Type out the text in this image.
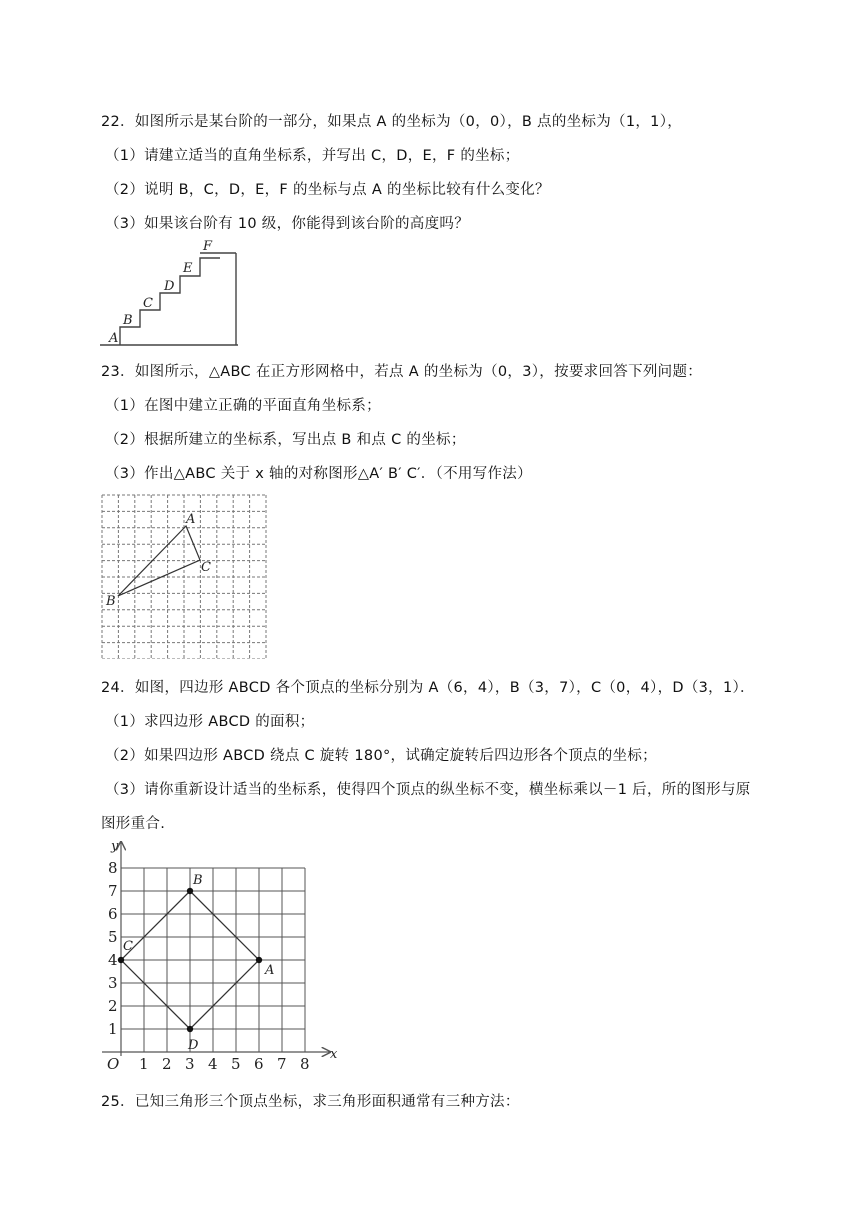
22．如图所示是某台阶的一部分，如果点 A 的坐标为（0，0），B 点的坐标为（1，1），
（1）请建立适当的直角坐标系，并写出 C，D，E，F 的坐标；
（2）说明 B，C，D，E，F 的坐标与点 A 的坐标比较有什么变化？
（3）如果该台阶有 10 级，你能得到该台阶的高度吗？
A
B
C
D
E
F
23．如图所示，△ABC 在正方形网格中，若点 A 的坐标为（0，3），按要求回答下列问题：
（1）在图中建立正确的平面直角坐标系；
（2）根据所建立的坐标系，写出点 B 和点 C 的坐标；
（3）作出△ABC 关于 x 轴的对称图形△A′ B′ C′．（不用写作法）
A
B
C
24．如图，四边形 ABCD 各个顶点的坐标分别为 A（6，4），B（3，7），C（0，4），D（3，1）．
（1）求四边形 ABCD 的面积；
（2）如果四边形 ABCD 绕点 C 旋转 180°，试确定旋转后四边形各个顶点的坐标；
（3）请你重新设计适当的坐标系，使得四个顶点的纵坐标不变，横坐标乘以－1 后，所的图形与原
图形重合.
A
B
C
D
1 2 3 4 5 6 7 8
1
2
3
4
5
6
7
8
O
x
y
25．已知三角形三个顶点坐标，求三角形面积通常有三种方法：
